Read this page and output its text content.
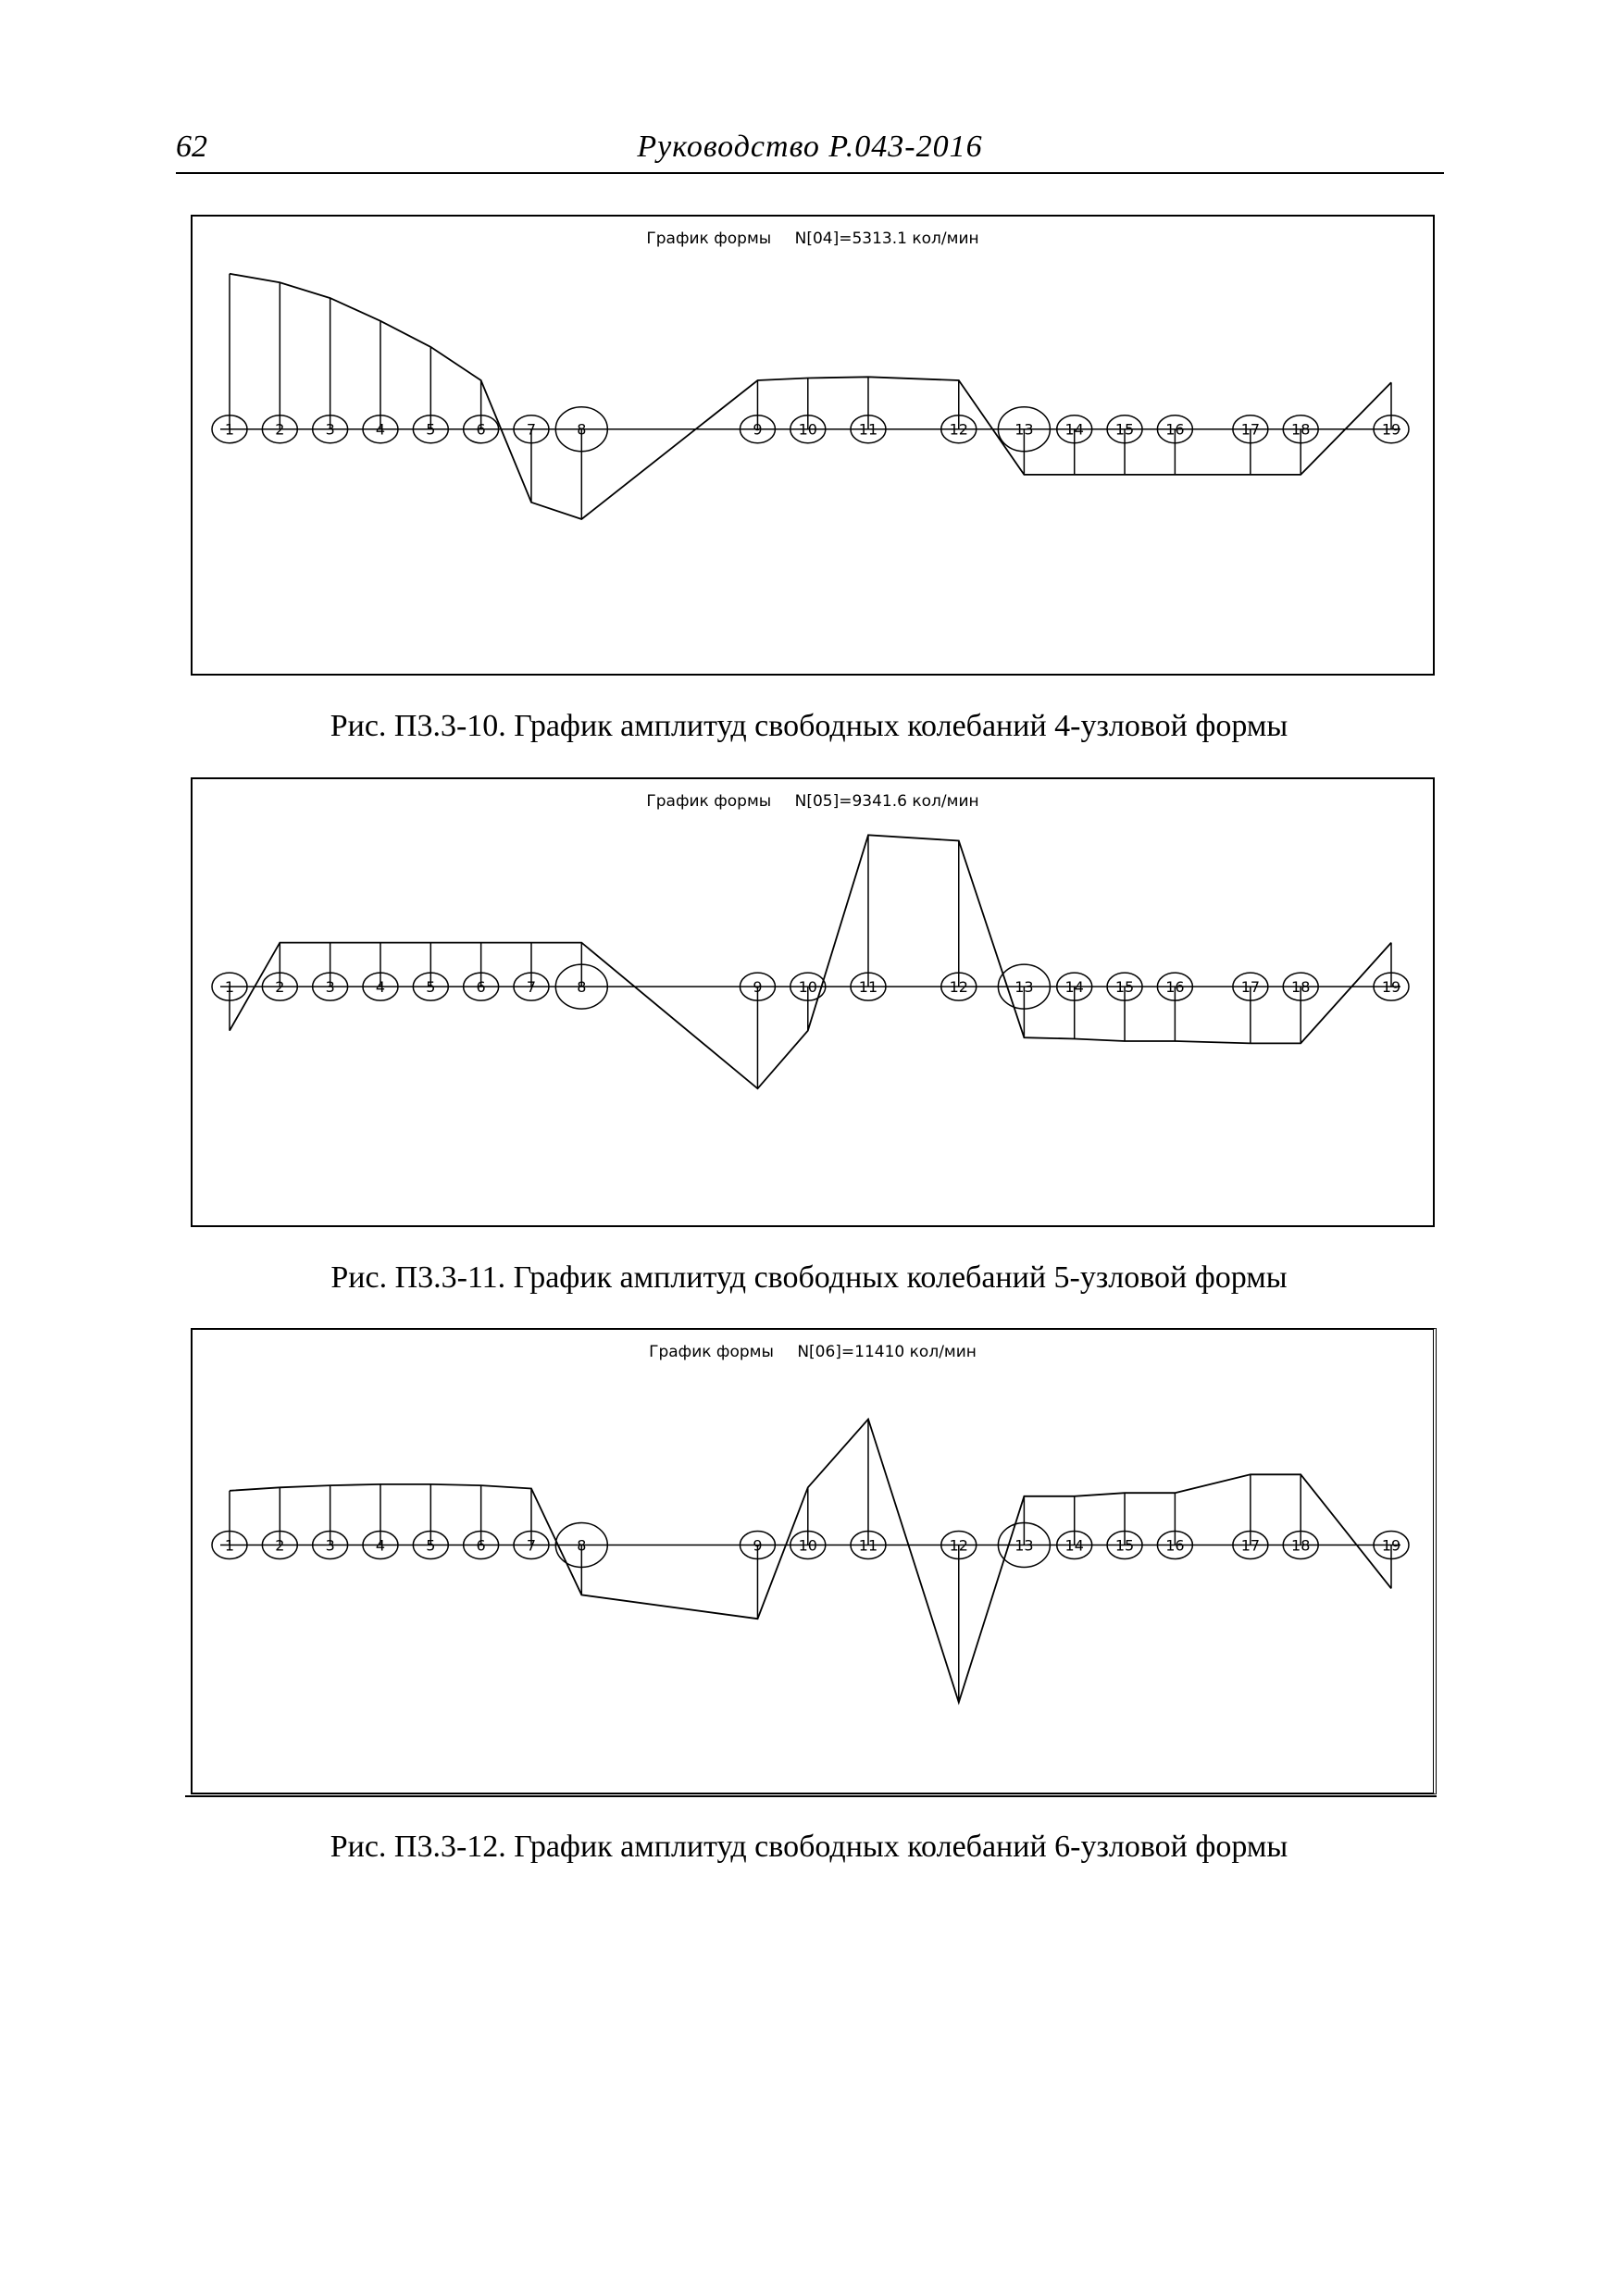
62	Руководство Р.043-2016
График формы N[04]=5313.1 кол/мин
1	2	3	4	5	6	7	8	9 10	11	12	13 14 15 16	17 18	19
Рис. П3.3-10. График амплитуд свободных колебаний 4-узловой формы
График формы N[05]=9341.6 кол/мин
1	2	3	4	5	6	7	8	9 10	11	12	13 14 15 16	17 18	19
Рис. П3.3-11. График амплитуд свободных колебаний 5-узловой формы
График формы N[06]=11410 кол/мин
1	2	3	4	5	6	7	8	9 10	11	12	13 14 15 16	17 18	19
Рис. П3.3-12. График амплитуд свободных колебаний 6-узловой формы
